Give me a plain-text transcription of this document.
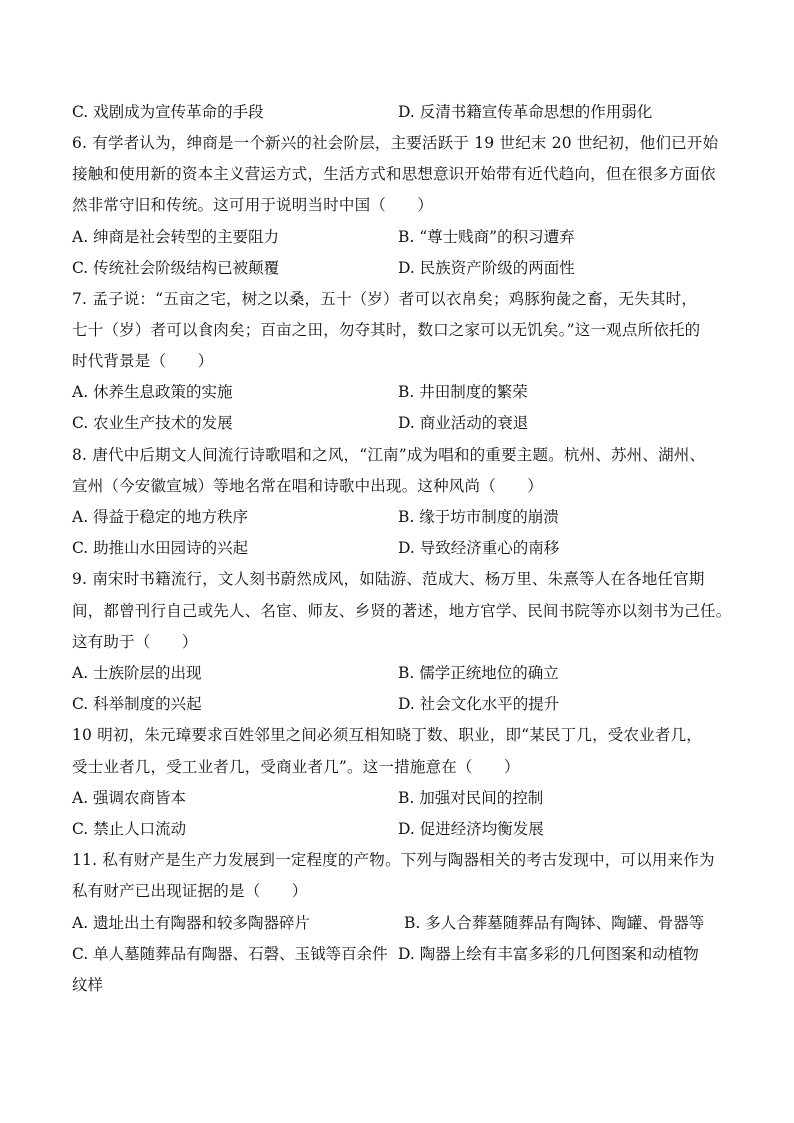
C. 戏剧成为宣传革命的手段	D. 反清书籍宣传革命思想的作用弱化
6. 有学者认为，绅商是一个新兴的社会阶层，主要活跃于 19 世纪末 20 世纪初，他们已开始
接触和使用新的资本主义营运方式，生活方式和思想意识开始带有近代趋向，但在很多方面依
然非常守旧和传统。这可用于说明当时中国（　　）
A. 绅商是社会转型的主要阻力	B. “尊士贱商”的积习遭弃
C. 传统社会阶级结构已被颠覆	D. 民族资产阶级的两面性
7. 孟子说：“五亩之宅，树之以桑，五十（岁）者可以衣帛矣；鸡豚狗彘之畜，无失其时，
七十（岁）者可以食肉矣；百亩之田，勿夺其时，数口之家可以无饥矣。”这一观点所依托的
时代背景是（　　）
A. 休养生息政策的实施	B. 井田制度的繁荣
C. 农业生产技术的发展	D. 商业活动的衰退
8. 唐代中后期文人间流行诗歌唱和之风，“江南”成为唱和的重要主题。杭州、苏州、湖州、
宣州（今安徽宣城）等地名常在唱和诗歌中出现。这种风尚（　　）
A. 得益于稳定的地方秩序	B. 缘于坊市制度的崩溃
C. 助推山水田园诗的兴起	D. 导致经济重心的南移
9. 南宋时书籍流行，文人刻书蔚然成风，如陆游、范成大、杨万里、朱熹等人在各地任官期
间，都曾刊行自己或先人、名宦、师友、乡贤的著述，地方官学、民间书院等亦以刻书为己任。
这有助于（　　）
A. 士族阶层的出现	B. 儒学正统地位的确立
C. 科举制度的兴起	D. 社会文化水平的提升
10 明初，朱元璋要求百姓邻里之间必须互相知晓丁数、职业，即“某民丁几，受农业者几，
受士业者几，受工业者几，受商业者几”。这一措施意在（　　）
A. 强调农商皆本	B. 加强对民间的控制
C. 禁止人口流动	D. 促进经济均衡发展
11. 私有财产是生产力发展到一定程度的产物。下列与陶器相关的考古发现中，可以用来作为
私有财产已出现证据的是（　　）
A. 遗址出土有陶器和较多陶器碎片	B. 多人合葬墓随葬品有陶钵、陶罐、骨器等
C. 单人墓随葬品有陶器、石磬、玉钺等百余件 D. 陶器上绘有丰富多彩的几何图案和动植物
纹样
